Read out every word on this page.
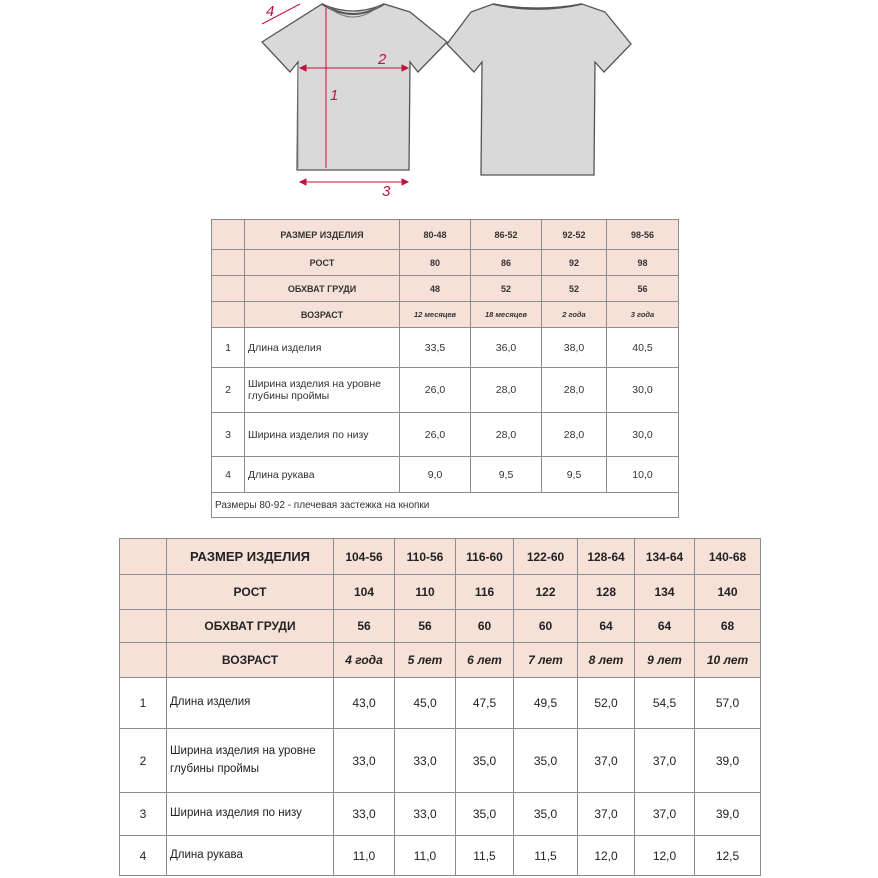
1
2
3
4
	РАЗМЕР ИЗДЕЛИЯ	80-48	86-52	92-52	98-56
	РОСТ	80	86	92	98
	ОБХВАТ ГРУДИ	48	52	52	56
	ВОЗРАСТ	12 месяцев	18 месяцев	2 года	3 года
1	Длина изделия	33,5	36,0	38,0	40,5
2	Ширина изделия на уровне глубины проймы	26,0	28,0	28,0	30,0
3	Ширина изделия по низу	26,0	28,0	28,0	30,0
4	Длина рукава	9,0	9,5	9,5	10,0
Размеры 80-92 - плечевая застежка на кнопки					
	РАЗМЕР ИЗДЕЛИЯ	104-56	110-56	116-60	122-60	128-64	134-64	140-68
	РОСТ	104	110	116	122	128	134	140
	ОБХВАТ ГРУДИ	56	56	60	60	64	64	68
	ВОЗРАСТ	4 года	5 лет	6 лет	7 лет	8 лет	9 лет	10 лет
1	Длина изделия	43,0	45,0	47,5	49,5	52,0	54,5	57,0
2	Ширина изделия на уровне глубины проймы	33,0	33,0	35,0	35,0	37,0	37,0	39,0
3	Ширина изделия по низу	33,0	33,0	35,0	35,0	37,0	37,0	39,0
4	Длина рукава	11,0	11,0	11,5	11,5	12,0	12,0	12,5
